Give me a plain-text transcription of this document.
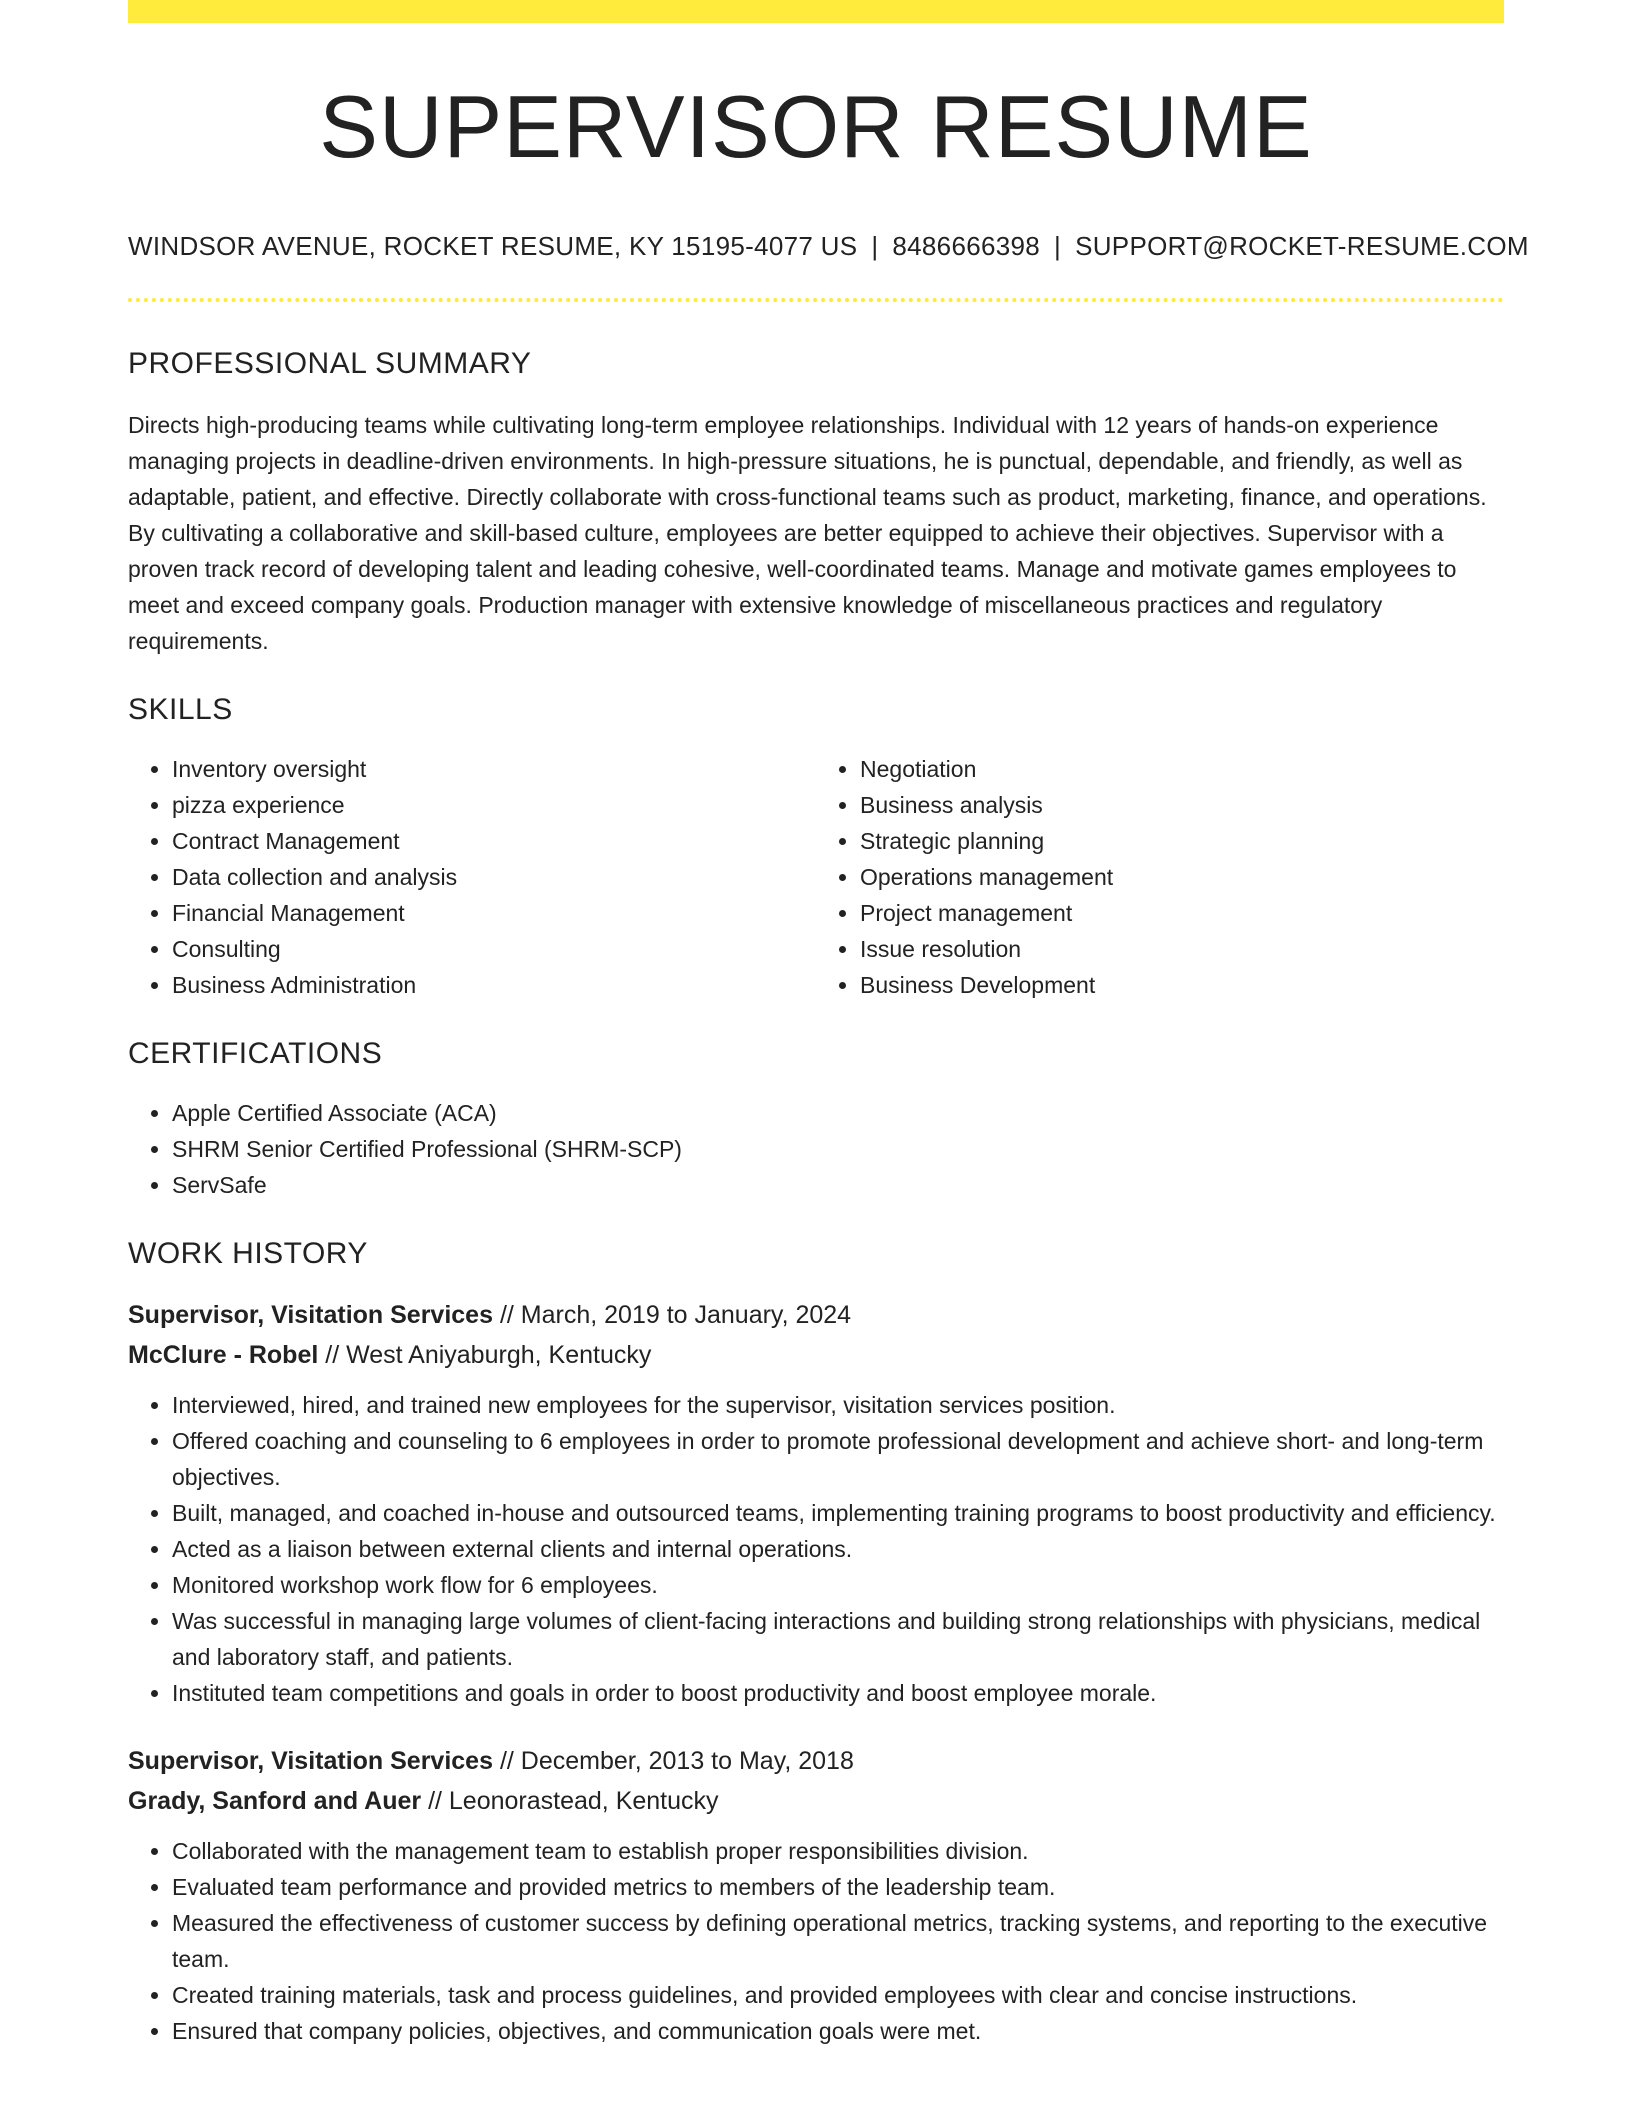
SUPERVISOR RESUME
WINDSOR AVENUE, ROCKET RESUME, KY 15195-4077 US | 8486666398 | SUPPORT@ROCKET-RESUME.COM
PROFESSIONAL SUMMARY
Directs high-producing teams while cultivating long-term employee relationships. Individual with 12 years of hands-on experience managing projects in deadline-driven environments. In high-pressure situations, he is punctual, dependable, and friendly, as well as adaptable, patient, and effective. Directly collaborate with cross-functional teams such as product, marketing, finance, and operations. By cultivating a collaborative and skill-based culture, employees are better equipped to achieve their objectives. Supervisor with a proven track record of developing talent and leading cohesive, well-coordinated teams. Manage and motivate games employees to meet and exceed company goals. Production manager with extensive knowledge of miscellaneous practices and regulatory requirements.
SKILLS
• Inventory oversight
• pizza experience
• Contract Management
• Data collection and analysis
• Financial Management
• Consulting
• Business Administration
• Negotiation
• Business analysis
• Strategic planning
• Operations management
• Project management
• Issue resolution
• Business Development
CERTIFICATIONS
• Apple Certified Associate (ACA)
• SHRM Senior Certified Professional (SHRM-SCP)
• ServSafe
WORK HISTORY
Supervisor, Visitation Services // March, 2019 to January, 2024
McClure - Robel // West Aniyaburgh, Kentucky
• Interviewed, hired, and trained new employees for the supervisor, visitation services position.
• Offered coaching and counseling to 6 employees in order to promote professional development and achieve short- and long-term objectives.
• Built, managed, and coached in-house and outsourced teams, implementing training programs to boost productivity and efficiency.
• Acted as a liaison between external clients and internal operations.
• Monitored workshop work flow for 6 employees.
• Was successful in managing large volumes of client-facing interactions and building strong relationships with physicians, medical and laboratory staff, and patients.
• Instituted team competitions and goals in order to boost productivity and boost employee morale.
Supervisor, Visitation Services // December, 2013 to May, 2018
Grady, Sanford and Auer // Leonorastead, Kentucky
• Collaborated with the management team to establish proper responsibilities division.
• Evaluated team performance and provided metrics to members of the leadership team.
• Measured the effectiveness of customer success by defining operational metrics, tracking systems, and reporting to the executive team.
• Created training materials, task and process guidelines, and provided employees with clear and concise instructions.
• Ensured that company policies, objectives, and communication goals were met.
